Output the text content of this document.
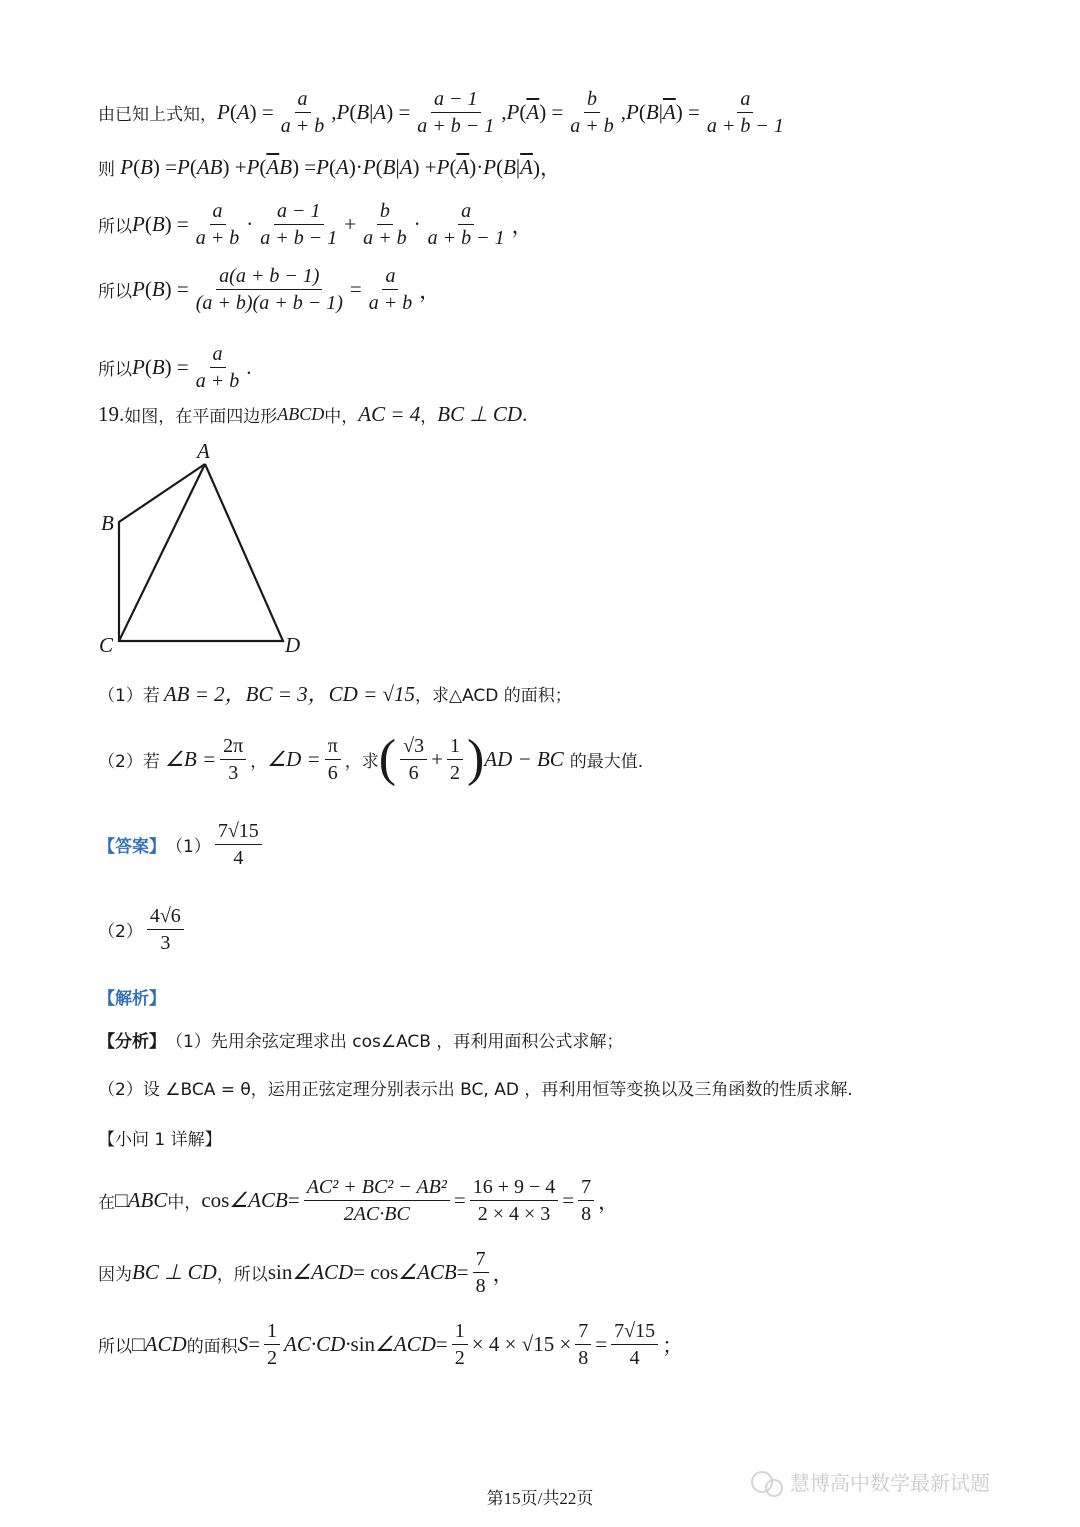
由已知上式知， P ( A ) = $\frac{a}{a + b}$ , P ( B | A ) = $\frac{a - 1}{a + b - 1}$ , P ( $\overline{A}$ ) = $\frac{b}{a + b}$ , P ( B | $\overline{A}$ ) = $\frac{a}{a + b - 1}$
则 P ( B ) = P ( AB ) + P ( $\overline{A}B$ ) = P ( A )· P ( B | A ) + P ( $\overline{A}$ )· P ( B | $\overline{A}$ )，
所以 P ( B ) = $\frac{a}{a + b} \cdot \frac{a - 1}{a + b - 1} + \frac{b}{a + b} \cdot \frac{a}{a + b - 1}$ ，
所以 P ( B ) = $\frac{a(a + b - 1)}{(a + b)(a + b - 1)} = \frac{a}{a + b}$ ，
所以 P ( B ) = $\frac{a}{a + b}$ .
19. 如图，在平面四边形 ABCD 中， AC = 4 ， BC ⊥ CD .
A
B
C	D
（1）若 AB = 2，BC = 3，CD = √15 ，求△ACD 的面积；
（2）若 ∠B = $\frac{2\pi}{3}$ ， ∠D = $\frac{\pi}{6}$ ，求 ( $\frac{√3}{6} + \frac{1}{2}$ ) AD − BC 的最大值.
【答案】 $(1) \frac{7√15}{4}$
$(2) \frac{4√6}{3}$
【解析】
【分析】 （1）先用余弦定理求出 cos∠ACB ，再利用面积公式求解；
（2）设 ∠BCA = θ，运用正弦定理分别表示出 BC, AD ，再利用恒等变换以及三角函数的性质求解.
【小问 1 详解】
在 □ABC 中， cos ∠ACB = $\frac{\text{AC² + BC² − AB²}}{2AC\cdot BC} = \frac{16 + 9 - 4}{2 \times 4 \times 3} = \frac{7}{8}$ ，
因为 BC ⊥ CD ，所以 sin ∠ACD = cos ∠ACB = $\frac{7}{8}$ ，
所以 □ACD 的面积 $S = \frac{1}{2} AC\cdot CD\cdot \sin$ ∠ACD = $\frac{1}{2} \times 4 \times √15 \times \frac{7}{8} = \frac{7√15}{4}$ ；
慧博高中数学最新试题
第15页/共22页
